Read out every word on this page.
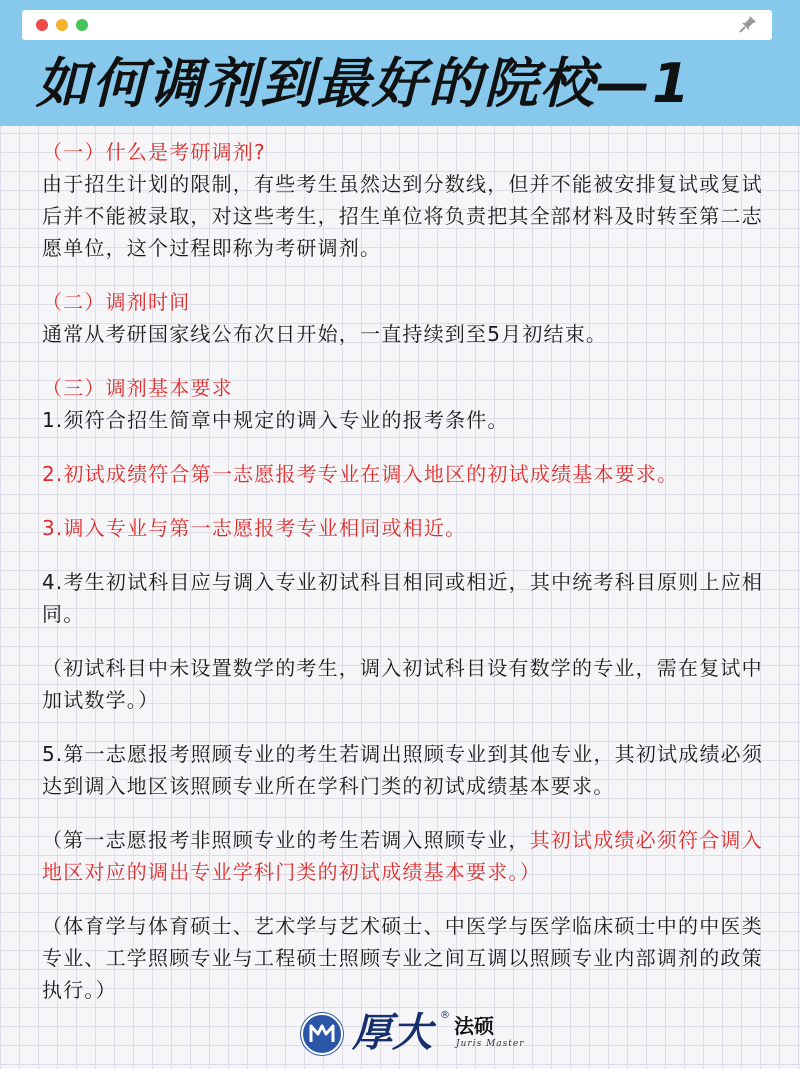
如何调剂到最好的院校—1

（一）什么是考研调剂?

由于招生计划的限制，有些考生虽然达到分数线，但并不能被安排复试或复试后并不能被录取，对这些考生，招生单位将负责把其全部材料及时转至第二志愿单位，这个过程即称为考研调剂。

（二）调剂时间

通常从考研国家线公布次日开始，一直持续到至5月初结束。

（三）调剂基本要求

1.须符合招生简章中规定的调入专业的报考条件。

2.初试成绩符合第一志愿报考专业在调入地区的初试成绩基本要求。

3.调入专业与第一志愿报考专业相同或相近。

4.考生初试科目应与调入专业初试科目相同或相近，其中统考科目原则上应相同。

（初试科目中未设置数学的考生，调入初试科目设有数学的专业，需在复试中加试数学。）

5.第一志愿报考照顾专业的考生若调出照顾专业到其他专业，其初试成绩必须达到调入地区该照顾专业所在学科门类的初试成绩基本要求。

（第一志愿报考非照顾专业的考生若调入照顾专业，其初试成绩必须符合调入地区对应的调出专业学科门类的初试成绩基本要求。）

（体育学与体育硕士、艺术学与艺术硕士、中医学与医学临床硕士中的中医类专业、工学照顾专业与工程硕士照顾专业之间互调以照顾专业内部调剂的政策执行。）

厚大 ® 法硕
Juris Master
